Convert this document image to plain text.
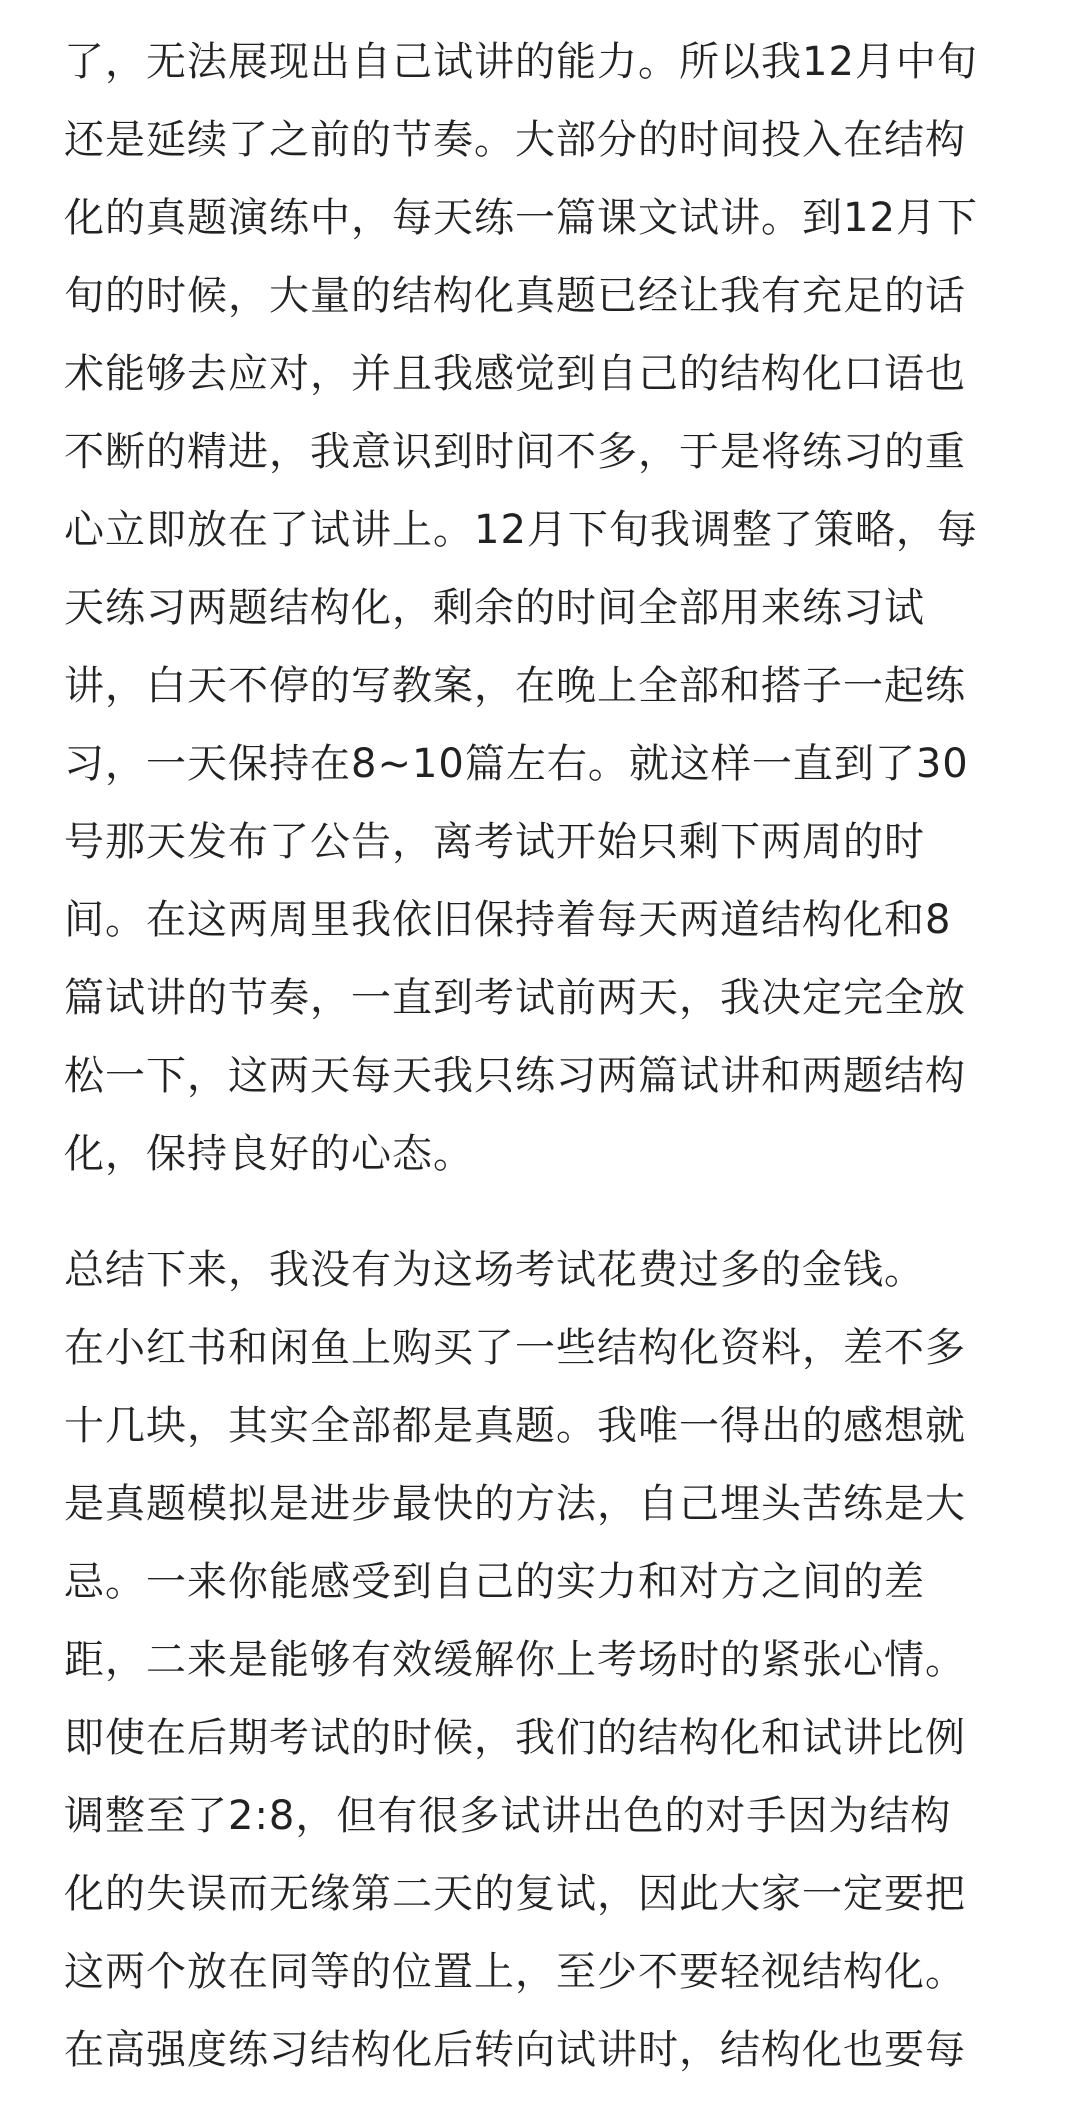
了，无法展现出自己试讲的能力。所以我12月中旬
还是延续了之前的节奏。大部分的时间投入在结构
化的真题演练中，每天练一篇课文试讲。到12月下
旬的时候，大量的结构化真题已经让我有充足的话
术能够去应对，并且我感觉到自己的结构化口语也
不断的精进，我意识到时间不多，于是将练习的重
心立即放在了试讲上。12月下旬我调整了策略，每
天练习两题结构化，剩余的时间全部用来练习试
讲，白天不停的写教案，在晚上全部和搭子一起练
习，一天保持在8~10篇左右。就这样一直到了30
号那天发布了公告，离考试开始只剩下两周的时
间。在这两周里我依旧保持着每天两道结构化和8
篇试讲的节奏，一直到考试前两天，我决定完全放
松一下，这两天每天我只练习两篇试讲和两题结构
化，保持良好的心态。
总结下来，我没有为这场考试花费过多的金钱。
在小红书和闲鱼上购买了一些结构化资料，差不多
十几块，其实全部都是真题。我唯一得出的感想就
是真题模拟是进步最快的方法，自己埋头苦练是大
忌。一来你能感受到自己的实力和对方之间的差
距，二来是能够有效缓解你上考场时的紧张心情。
即使在后期考试的时候，我们的结构化和试讲比例
调整至了2:8，但有很多试讲出色的对手因为结构
化的失误而无缘第二天的复试，因此大家一定要把
这两个放在同等的位置上，至少不要轻视结构化。
在高强度练习结构化后转向试讲时，结构化也要每
